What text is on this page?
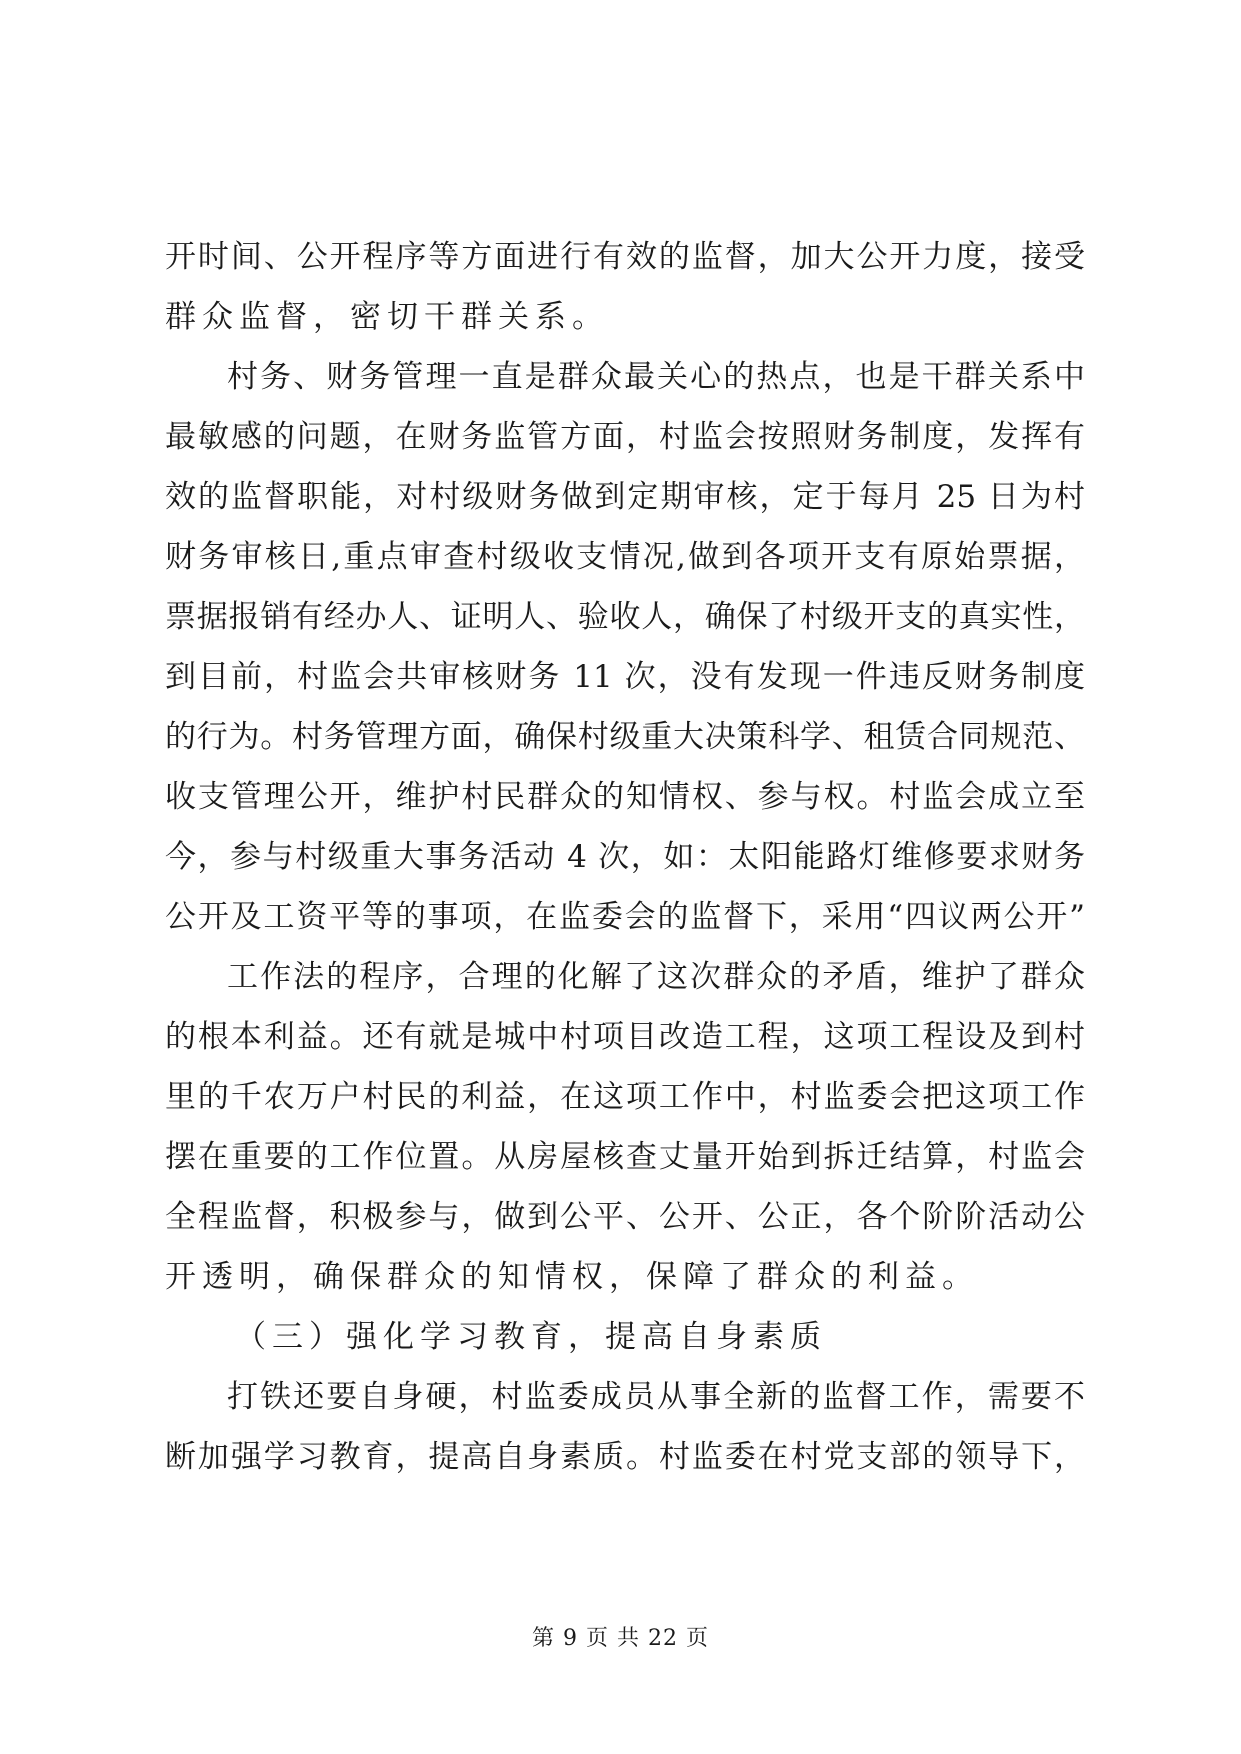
开时间、公开程序等方面进行有效的监督，加大公开力度，接受
群众监督，密切干群关系。
村务、财务管理一直是群众最关心的热点，也是干群关系中
最敏感的问题，在财务监管方面，村监会按照财务制度，发挥有
效的监督职能，对村级财务做到定期审核，定于每月 25 日为村
财务审核日,重点审查村级收支情况,做到各项开支有原始票据，
票据报销有经办人、证明人、验收人，确保了村级开支的真实性，
到目前，村监会共审核财务 11 次，没有发现一件违反财务制度
的行为。村务管理方面，确保村级重大决策科学、租赁合同规范、
收支管理公开，维护村民群众的知情权、参与权。村监会成立至
今，参与村级重大事务活动 4 次，如：太阳能路灯维修要求财务
公开及工资平等的事项，在监委会的监督下，采用“四议两公开”
工作法的程序，合理的化解了这次群众的矛盾，维护了群众
的根本利益。还有就是城中村项目改造工程，这项工程设及到村
里的千农万户村民的利益，在这项工作中，村监委会把这项工作
摆在重要的工作位置。从房屋核查丈量开始到拆迁结算，村监会
全程监督，积极参与，做到公平、公开、公正，各个阶阶活动公
开透明，确保群众的知情权，保障了群众的利益。
（三）强化学习教育，提高自身素质
打铁还要自身硬，村监委成员从事全新的监督工作，需要不
断加强学习教育，提高自身素质。村监委在村党支部的领导下，
第 9 页 共 22 页
